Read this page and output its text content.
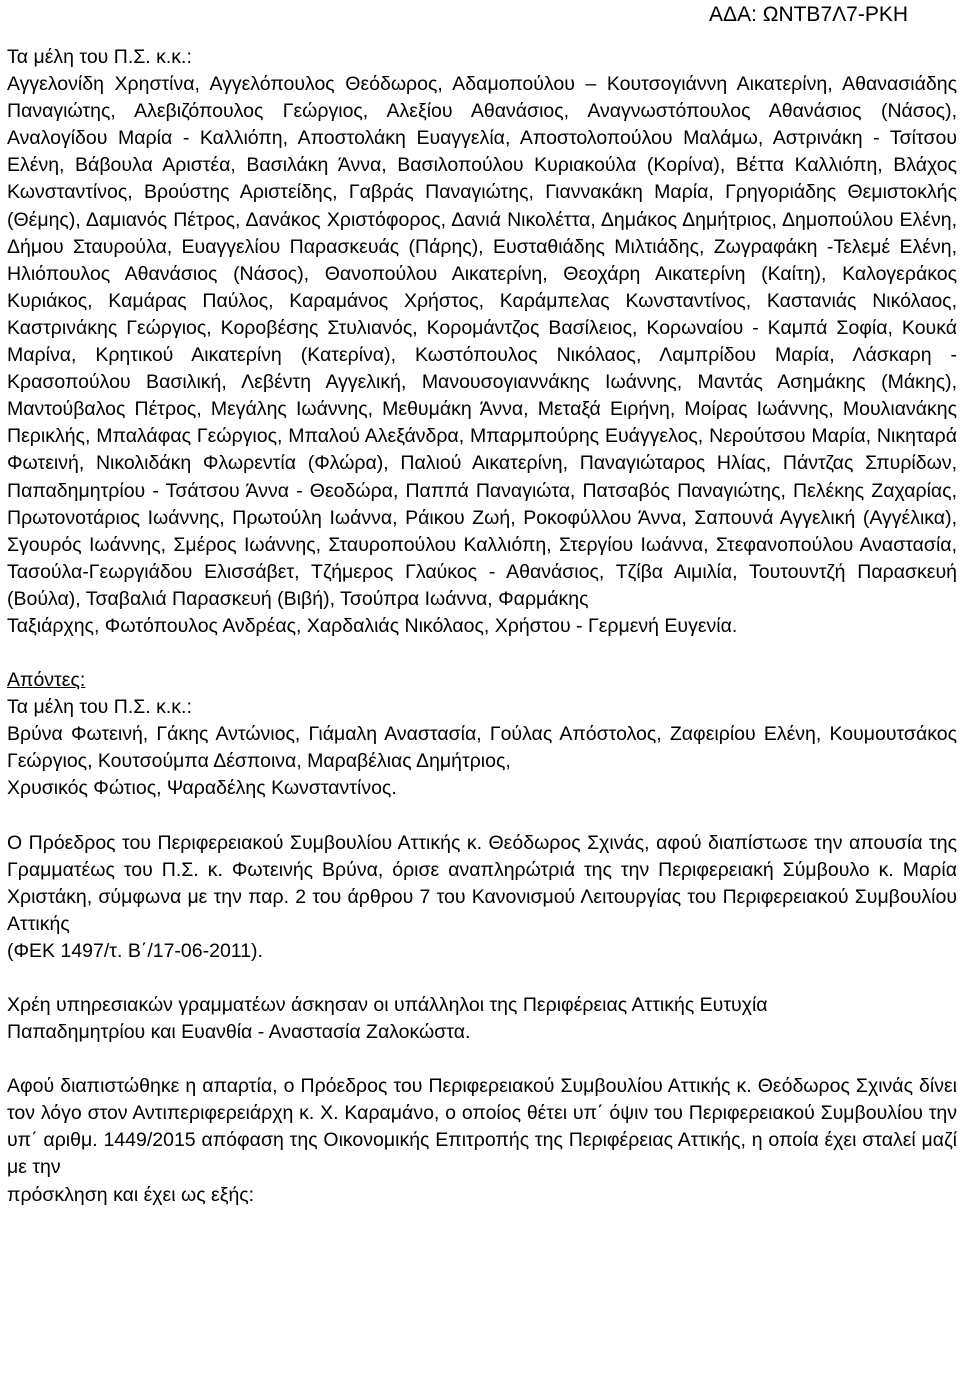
ΑΔΑ: ΩΝΤΒ7Λ7-ΡΚΗ
Τα μέλη του Π.Σ. κ.κ.:
Αγγελονίδη Χρηστίνα, Αγγελόπουλος Θεόδωρος, Αδαμοπούλου – Κουτσογιάννη Αικατερίνη, Αθανασιάδης Παναγιώτης, Αλεβιζόπουλος Γεώργιος, Αλεξίου Αθανάσιος, Αναγνωστόπουλος Αθανάσιος (Νάσος), Αναλογίδου Μαρία - Καλλιόπη, Αποστολάκη Ευαγγελία, Αποστολοπούλου Μαλάμω, Αστρινάκη - Τσίτσου Ελένη, Βάβουλα Αριστέα, Βασιλάκη Άννα, Βασιλοπούλου Κυριακούλα (Κορίνα), Βέττα Καλλιόπη, Βλάχος Κωνσταντίνος, Βρούστης Αριστείδης, Γαβράς Παναγιώτης, Γιαννακάκη Μαρία, Γρηγοριάδης Θεμιστοκλής (Θέμης), Δαμιανός Πέτρος, Δανάκος Χριστόφορος, Δανιά Νικολέττα, Δημάκος Δημήτριος, Δημοπούλου Ελένη, Δήμου Σταυρούλα, Ευαγγελίου Παρασκευάς (Πάρης), Ευσταθιάδης Μιλτιάδης, Ζωγραφάκη -Τελεμέ Ελένη, Ηλιόπουλος Αθανάσιος (Νάσος), Θανοπούλου Αικατερίνη, Θεοχάρη Αικατερίνη (Καίτη), Καλογεράκος Κυριάκος, Καμάρας Παύλος, Καραμάνος Χρήστος, Καράμπελας Κωνσταντίνος, Καστανιάς Νικόλαος, Καστρινάκης Γεώργιος, Κοροβέσης Στυλιανός, Κορομάντζος Βασίλειος, Κορωναίου - Καμπά Σοφία, Κουκά Μαρίνα, Κρητικού Αικατερίνη (Κατερίνα), Κωστόπουλος Νικόλαος, Λαμπρίδου Μαρία, Λάσκαρη - Κρασοπούλου Βασιλική, Λεβέντη Αγγελική, Μανουσογιαννάκης Ιωάννης, Μαντάς Ασημάκης (Μάκης), Μαντούβαλος Πέτρος, Μεγάλης Ιωάννης, Μεθυμάκη Άννα, Μεταξά Ειρήνη, Μοίρας Ιωάννης, Μουλιανάκης Περικλής, Μπαλάφας Γεώργιος, Μπαλού Αλεξάνδρα, Μπαρμπούρης Ευάγγελος, Νερούτσου Μαρία, Νικηταρά Φωτεινή, Νικολιδάκη Φλωρεντία (Φλώρα), Παλιού Αικατερίνη, Παναγιώταρος Ηλίας, Πάντζας Σπυρίδων, Παπαδημητρίου - Τσάτσου Άννα - Θεοδώρα, Παππά Παναγιώτα, Πατσαβός Παναγιώτης, Πελέκης Ζαχαρίας, Πρωτονοτάριος Ιωάννης, Πρωτούλη Ιωάννα, Ράικου Ζωή, Ροκοφύλλου Άννα, Σαπουνά Αγγελική (Αγγέλικα), Σγουρός Ιωάννης, Σμέρος Ιωάννης, Σταυροπούλου Καλλιόπη, Στεργίου Ιωάννα, Στεφανοπούλου Αναστασία, Τασούλα-Γεωργιάδου Ελισσάβετ, Τζήμερος Γλαύκος - Αθανάσιος, Τζίβα Αιμιλία, Τουτουντζή Παρασκευή (Βούλα), Τσαβαλιά Παρασκευή (Βιβή), Τσούπρα Ιωάννα, Φαρμάκης
Ταξιάρχης, Φωτόπουλος Ανδρέας, Χαρδαλιάς Νικόλαος, Χρήστου - Γερμενή Ευγενία.
Απόντες:
Τα μέλη του Π.Σ. κ.κ.:
Βρύνα Φωτεινή, Γάκης Αντώνιος, Γιάμαλη Αναστασία, Γούλας Απόστολος, Ζαφειρίου Ελένη, Κουμουτσάκος Γεώργιος, Κουτσούμπα Δέσποινα, Μαραβέλιας Δημήτριος,
Χρυσικός Φώτιος, Ψαραδέλης Κωνσταντίνος.
Ο Πρόεδρος του Περιφερειακού Συμβουλίου Αττικής κ. Θεόδωρος Σχινάς, αφού διαπίστωσε την απουσία της Γραμματέως του Π.Σ. κ. Φωτεινής Βρύνα, όρισε αναπληρώτριά της την Περιφερειακή Σύμβουλο κ. Μαρία Χριστάκη, σύμφωνα με την παρ. 2 του άρθρου 7 του Κανονισμού Λειτουργίας του Περιφερειακού Συμβουλίου Αττικής
(ΦΕΚ 1497/τ. Β΄/17-06-2011).
Χρέη υπηρεσιακών γραμματέων άσκησαν οι υπάλληλοι της Περιφέρειας Αττικής Ευτυχία
Παπαδημητρίου και Ευανθία - Αναστασία Ζαλοκώστα.
Αφού διαπιστώθηκε η απαρτία, ο Πρόεδρος του Περιφερειακού Συμβουλίου Αττικής κ. Θεόδωρος Σχινάς δίνει τον λόγο στον Αντιπεριφερειάρχη κ. Χ. Καραμάνο, ο οποίος θέτει υπ΄ όψιν του Περιφερειακού Συμβουλίου την υπ΄ αριθμ. 1449/2015 απόφαση της Οικονομικής Επιτροπής της Περιφέρειας Αττικής, η οποία έχει σταλεί μαζί με την
πρόσκληση και έχει ως εξής:
